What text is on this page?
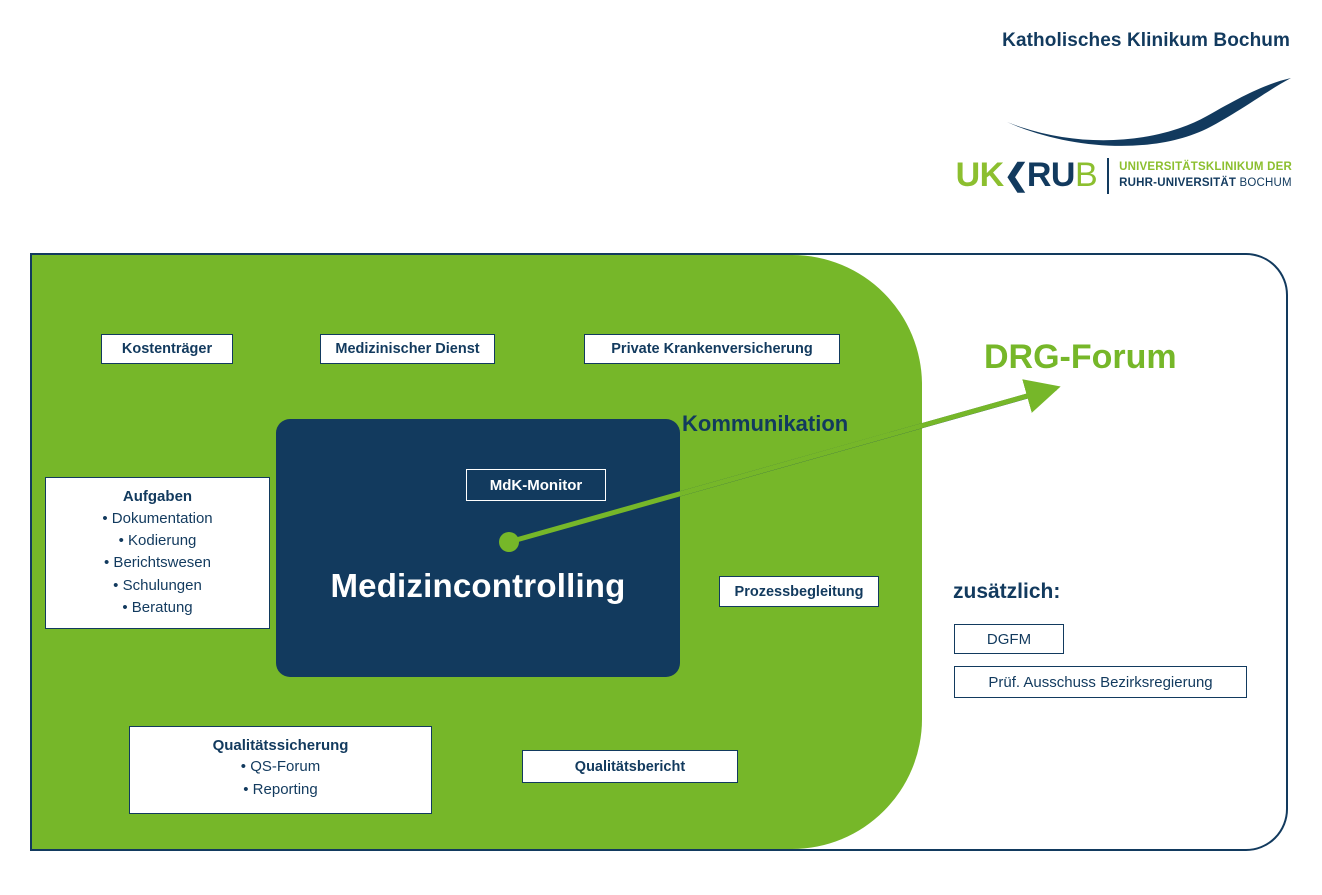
Katholisches Klinikum Bochum
UK❮RUB UNIVERSITÄTSKLINIKUM DER
RUHR-UNIVERSITÄT BOCHUM
Kostenträger	Medizinischer Dienst	Private Krankenversicherung
Aufgaben
• Dokumentation
• Kodierung
• Berichtswesen
• Schulungen
• Beratung
Qualitätssicherung
• QS-Forum
• Reporting
Qualitätsbericht
Prozessbegleitung
Medizincontrolling
MdK-Monitor
Kommunikation
DRG-Forum
zusätzlich:
DGFM
Prüf. Ausschuss Bezirksregierung
